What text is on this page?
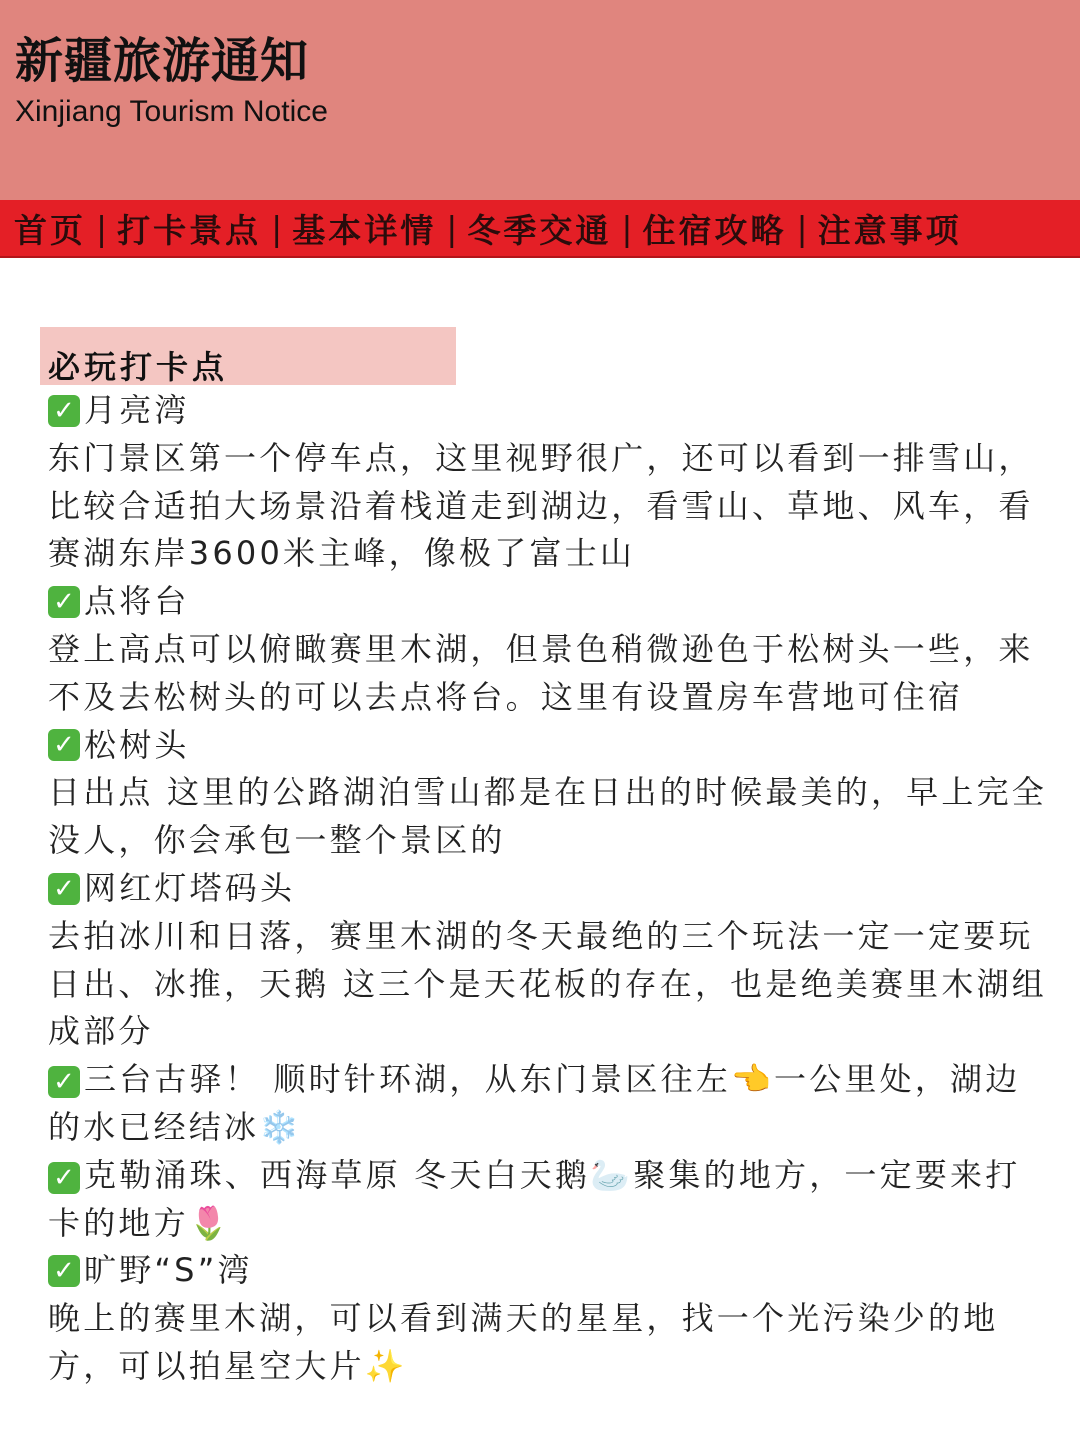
新疆旅游通知
Xinjiang Tourism Notice
首页 | 打卡景点 | 基本详情 | 冬季交通 | 住宿攻略 | 注意事项
必玩打卡点
✓ 月亮湾
东门景区第一个停车点，这里视野很广，还可以看到一排雪山，比较合适拍大场景沿着栈道走到湖边，看雪山、草地、风车，看赛湖东岸3600米主峰，像极了富士山
✓ 点将台
登上高点可以俯瞰赛里木湖，但景色稍微逊色于松树头一些，来不及去松树头的可以去点将台。这里有设置房车营地可住宿
✓ 松树头
日出点 这里的公路湖泊雪山都是在日出的时候最美的，早上完全没人，你会承包一整个景区的
✓ 网红灯塔码头
去拍冰川和日落，赛里木湖的冬天最绝的三个玩法一定一定要玩 日出、冰推，天鹅 这三个是天花板的存在，也是绝美赛里木湖组成部分
✓ 三台古驿！ 顺时针环湖，从东门景区往左👈一公里处，湖边的水已经结冰❄️
✓ 克勒涌珠、西海草原 冬天白天鹅🦢聚集的地方，一定要来打卡的地方🌷
✓ 旷野“S”湾
晚上的赛里木湖，可以看到满天的星星，找一个光污染少的地方，可以拍星空大片✨
